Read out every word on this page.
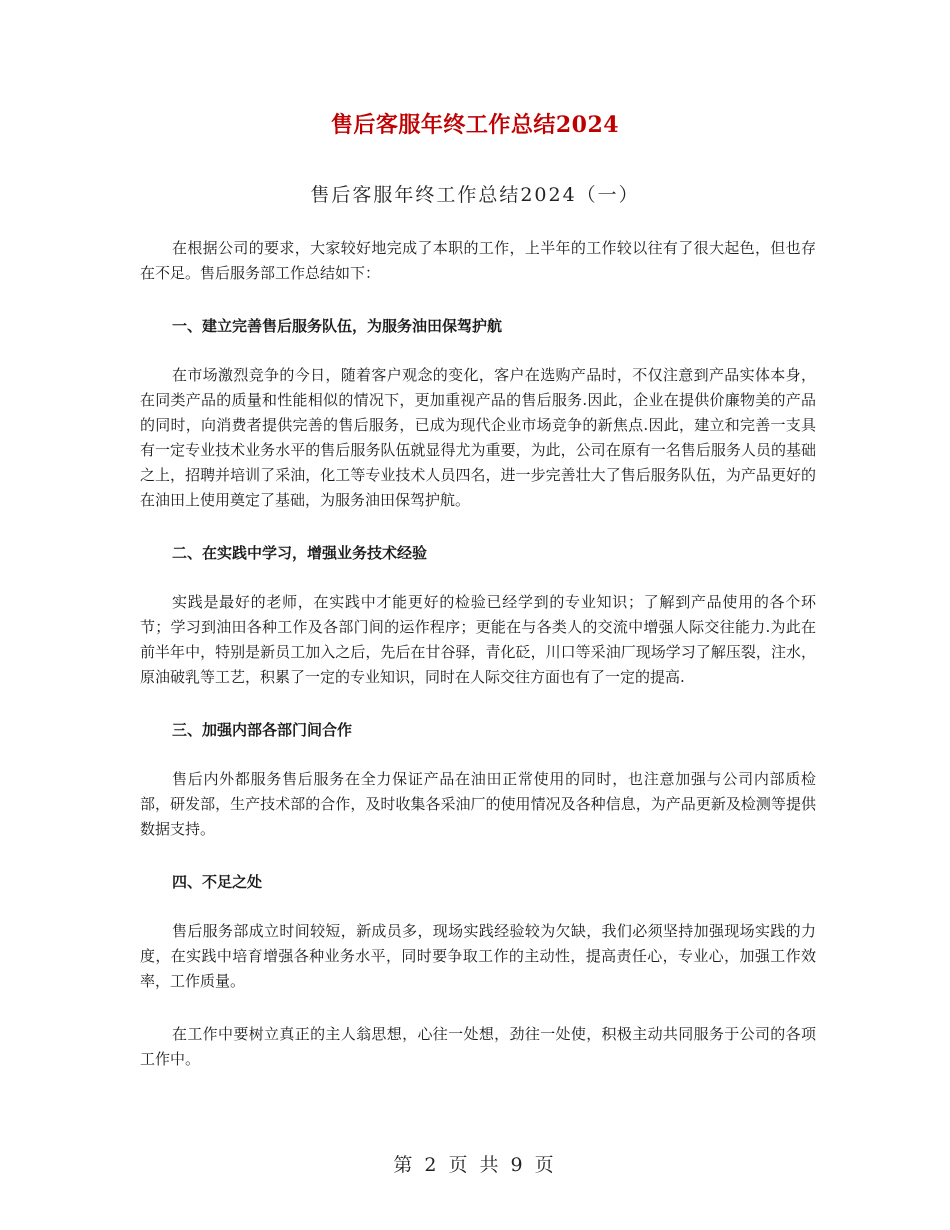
售后客服年终工作总结2024
售后客服年终工作总结2024（一）

在根据公司的要求，大家较好地完成了本职的工作，上半年的工作较以往有了很大起色，但也存在不足。售后服务部工作总结如下：

一、建立完善售后服务队伍，为服务油田保驾护航

在市场激烈竞争的今日，随着客户观念的变化，客户在选购产品时，不仅注意到产品实体本身，在同类产品的质量和性能相似的情况下，更加重视产品的售后服务.因此，企业在提供价廉物美的产品的同时，向消费者提供完善的售后服务，已成为现代企业市场竞争的新焦点.因此，建立和完善一支具有一定专业技术业务水平的售后服务队伍就显得尤为重要，为此，公司在原有一名售后服务人员的基础之上，招聘并培训了采油，化工等专业技术人员四名，进一步完善壮大了售后服务队伍，为产品更好的在油田上使用奠定了基础，为服务油田保驾护航。

二、在实践中学习，增强业务技术经验

实践是最好的老师，在实践中才能更好的检验已经学到的专业知识；了解到产品使用的各个环节；学习到油田各种工作及各部门间的运作程序；更能在与各类人的交流中增强人际交往能力.为此在前半年中，特别是新员工加入之后，先后在甘谷驿，青化砭，川口等采油厂现场学习了解压裂，注水，原油破乳等工艺，积累了一定的专业知识，同时在人际交往方面也有了一定的提高.

三、加强内部各部门间合作

售后内外都服务售后服务在全力保证产品在油田正常使用的同时，也注意加强与公司内部质检部，研发部，生产技术部的合作，及时收集各采油厂的使用情况及各种信息，为产品更新及检测等提供数据支持。

四、不足之处

售后服务部成立时间较短，新成员多，现场实践经验较为欠缺，我们必须坚持加强现场实践的力度，在实践中培育增强各种业务水平，同时要争取工作的主动性，提高责任心，专业心，加强工作效率，工作质量。

在工作中要树立真正的主人翁思想，心往一处想，劲往一处使，积极主动共同服务于公司的各项工作中。

第 2 页 共 9 页
